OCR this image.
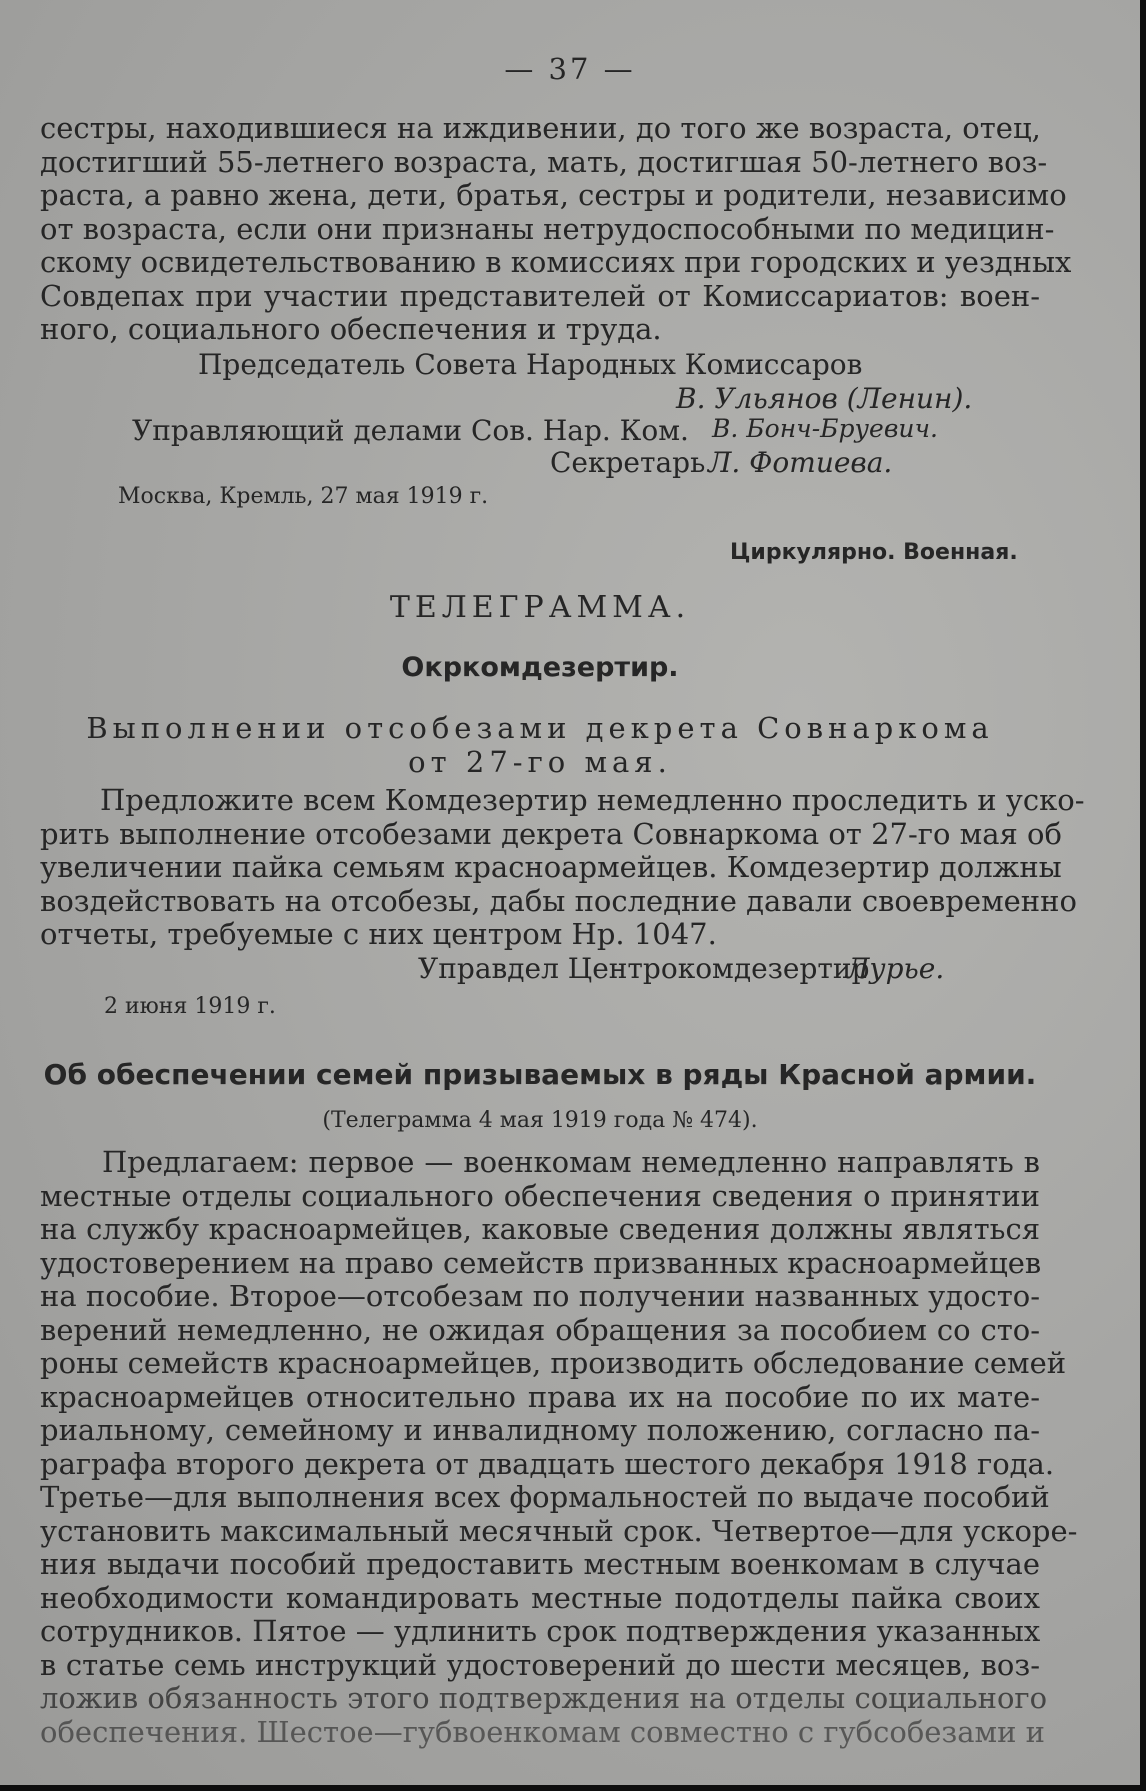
— 37 —
сестры, находившиеся на иждивении, до того же возраста, отец,
достигший 55-летнего возраста, мать, достигшая 50-летнего воз-
раста, а равно жена, дети, братья, сестры и родители, независимо
от возраста, если они признаны нетрудоспособными по медицин-
скому освидетельствованию в комиссиях при городских и уездных
Совдепах при участии представителей от Комиссариатов: воен-
ного, социального обеспечения и труда.
Председатель Совета Народных Комиссаров
В. Ульянов (Ленин).
Управляющий делами Сов. Нар. Ком. В. Бонч-Бруевич.
Секретарь Л. Фотиева.
Москва, Кремль, 27 мая 1919 г.
Циркулярно. Военная.
ТЕЛЕГРАММА.
Окркомдезертир.
Выполнении отсобезами декрета Совнаркома
от 27-го мая.
Предложите всем Комдезертир немедленно проследить и уско-
рить выполнение отсобезами декрета Совнаркома от 27-го мая об
увеличении пайка семьям красноармейцев. Комдезертир должны
воздействовать на отсобезы, дабы последние давали своевременно
отчеты, требуемые с них центром Нр. 1047.
Управдел Центрокомдезертир
Лурье.
2 июня 1919 г.
Об обеспечении семей призываемых в ряды Красной армии.
(Телеграмма 4 мая 1919 года № 474).
Предлагаем: первое — военкомам немедленно направлять в
местные отделы социального обеспечения сведения о принятии
на службу красноармейцев, каковые сведения должны являться
удостоверением на право семейств призванных красноармейцев
на пособие. Второе—отсобезам по получении названных удосто-
верений немедленно, не ожидая обращения за пособием со сто-
роны семейств красноармейцев, производить обследование семей
красноармейцев относительно права их на пособие по их мате-
риальному, семейному и инвалидному положению, согласно па-
раграфа второго декрета от двадцать шестого декабря 1918 года.
Третье—для выполнения всех формальностей по выдаче пособий
установить максимальный месячный срок. Четвертое—для ускоре-
ния выдачи пособий предоставить местным военкомам в случае
необходимости командировать местные подотделы пайка своих
сотрудников. Пятое — удлинить срок подтверждения указанных
в статье семь инструкций удостоверений до шести месяцев, воз-
ложив обязанность этого подтверждения на отделы социального
обеспечения. Шестое—губвоенкомам совместно с губсобезами и
